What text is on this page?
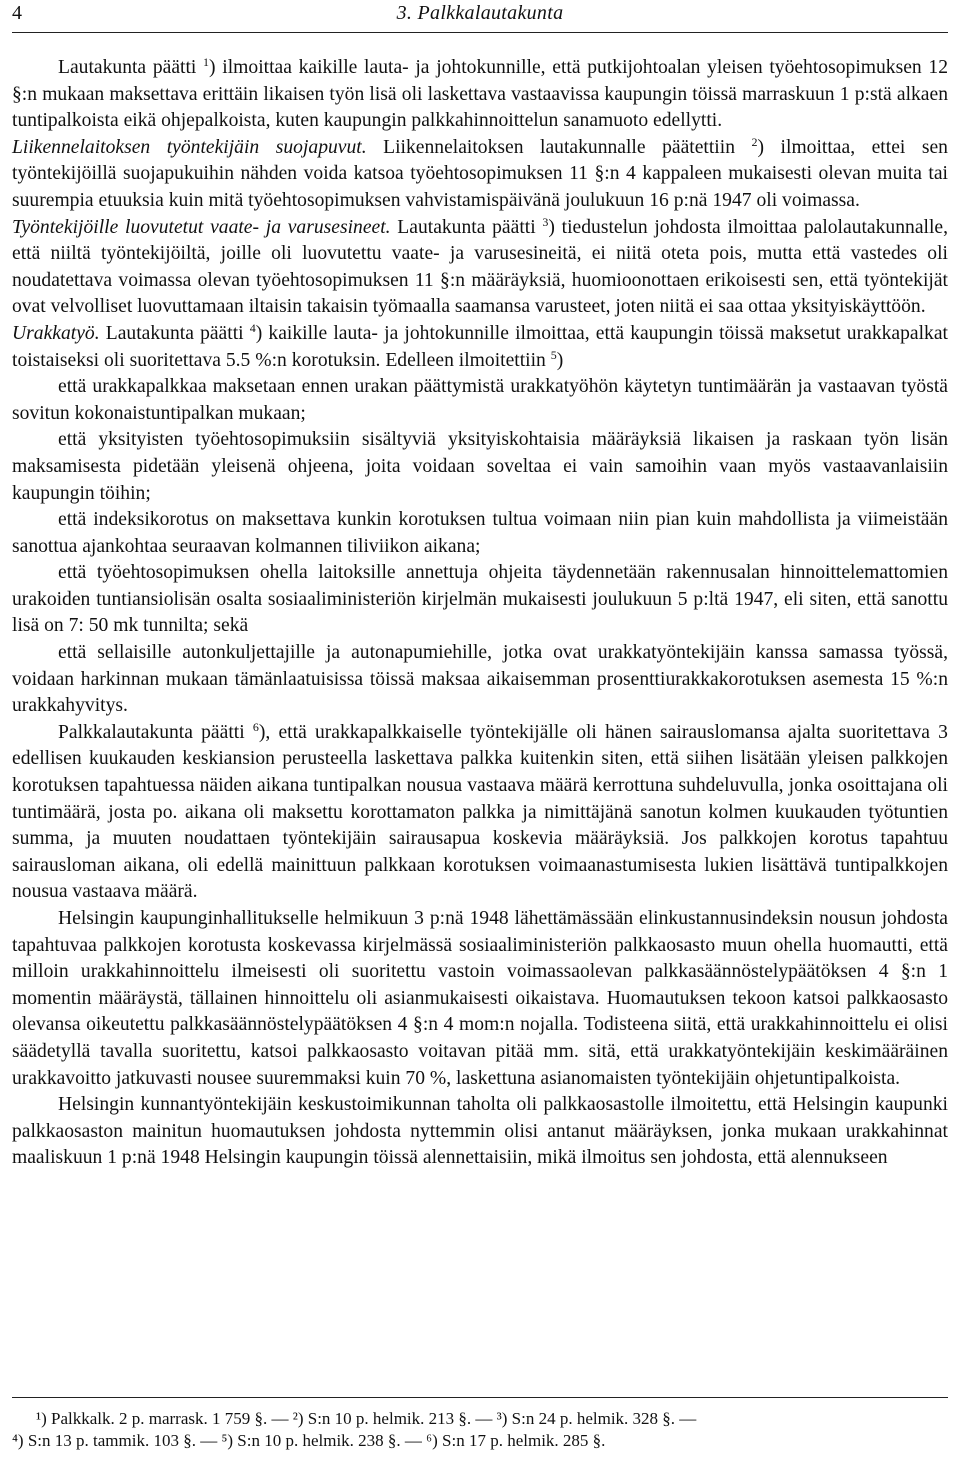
4	3. Palkkalautakunta

Lautakunta päätti $^1$) ilmoittaa kaikille lauta- ja johtokunnille, että putkijohtoalan yleisen työehtosopimuksen 12 §:n mukaan maksettava erittäin likaisen työn lisä oli laskettava vastaavissa kaupungin töissä marraskuun 1 p:stä alkaen tuntipalkoista eikä ohjepalkoista, kuten kaupungin palkkahinnoittelun sanamuoto edellytti.

Liikennelaitoksen työntekijäin suojapuvut. Liikennelaitoksen lautakunnalle päätettiin $^2$) ilmoittaa, ettei sen työntekijöillä suojapukuihin nähden voida katsoa työehtosopimuksen 11 §:n 4 kappaleen mukaisesti olevan muita tai suurempia etuuksia kuin mitä työehtosopimuksen vahvistamispäivänä joulukuun 16 p:nä 1947 oli voimassa.

Työntekijöille luovutetut vaate- ja varusesineet. Lautakunta päätti $^3$) tiedustelun johdosta ilmoittaa palolautakunnalle, että niiltä työntekijöiltä, joille oli luovutettu vaate- ja varusesineitä, ei niitä oteta pois, mutta että vastedes oli noudatettava voimassa olevan työehtosopimuksen 11 §:n määräyksiä, huomioonottaen erikoisesti sen, että työntekijät ovat velvolliset luovuttamaan iltaisin takaisin työmaalla saamansa varusteet, joten niitä ei saa ottaa yksityiskäyttöön.

Urakkatyö. Lautakunta päätti $^4$) kaikille lauta- ja johtokunnille ilmoittaa, että kaupungin töissä maksetut urakkapalkat toistaiseksi oli suoritettava 5.5 %:n korotuksin. Edelleen ilmoitettiin $^5$)

että urakkapalkkaa maksetaan ennen urakan päättymistä urakkatyöhön käytetyn tuntimäärän ja vastaavan työstä sovitun kokonaistuntipalkan mukaan;

että yksityisten työehtosopimuksiin sisältyviä yksityiskohtaisia määräyksiä likaisen ja raskaan työn lisän maksamisesta pidetään yleisenä ohjeena, joita voidaan soveltaa ei vain samoihin vaan myös vastaavanlaisiin kaupungin töihin;

että indeksikorotus on maksettava kunkin korotuksen tultua voimaan niin pian kuin mahdollista ja viimeistään sanottua ajankohtaa seuraavan kolmannen tiliviikon aikana;

että työehtosopimuksen ohella laitoksille annettuja ohjeita täydennetään rakennusalan hinnoittelemattomien urakoiden tuntiansiolisän osalta sosiaaliministeriön kirjelmän mukaisesti joulukuun 5 p:ltä 1947, eli siten, että sanottu lisä on 7: 50 mk tunnilta; sekä

että sellaisille autonkuljettajille ja autonapumiehille, jotka ovat urakkatyöntekijäin kanssa samassa työssä, voidaan harkinnan mukaan tämänlaatuisissa töissä maksaa aikaisemman prosenttiurakkakorotuksen asemesta 15 %:n urakkahyvitys.

Palkkalautakunta päätti $^6$), että urakkapalkkaiselle työntekijälle oli hänen sairauslomansa ajalta suoritettava 3 edellisen kuukauden keskiansion perusteella laskettava palkka kuitenkin siten, että siihen lisätään yleisen palkkojen korotuksen tapahtuessa näiden aikana tuntipalkan nousua vastaava määrä kerrottuna suhdeluvulla, jonka osoittajana oli tuntimäärä, josta po. aikana oli maksettu korottamaton palkka ja nimittäjänä sanotun kolmen kuukauden työtuntien summa, ja muuten noudattaen työntekijäin sairausapua koskevia määräyksiä. Jos palkkojen korotus tapahtuu sairausloman aikana, oli edellä mainittuun palkkaan korotuksen voimaanastumisesta lukien lisättävä tuntipalkkojen nousua vastaava määrä.

Helsingin kaupunginhallitukselle helmikuun 3 p:nä 1948 lähettämässään elinkustannusindeksin nousun johdosta tapahtuvaa palkkojen korotusta koskevassa kirjelmässä sosiaaliministeriön palkkaosasto muun ohella huomautti, että milloin urakkahinnoittelu ilmeisesti oli suoritettu vastoin voimassaolevan palkkasäännöstelypäätöksen 4 §:n 1 momentin määräystä, tällainen hinnoittelu oli asianmukaisesti oikaistava. Huomautuksen tekoon katsoi palkkaosasto olevansa oikeutettu palkkasäännöstelypäätöksen 4 §:n 4 mom:n nojalla. Todisteena siitä, että urakkahinnoittelu ei olisi säädetyllä tavalla suoritettu, katsoi palkkaosasto voitavan pitää mm. sitä, että urakkatyöntekijäin keskimääräinen urakkavoitto jatkuvasti nousee suuremmaksi kuin 70 %, laskettuna asianomaisten työntekijäin ohjetuntipalkoista.

Helsingin kunnantyöntekijäin keskustoimikunnan taholta oli palkkaosastolle ilmoitettu, että Helsingin kaupunki palkkaosaston mainitun huomautuksen johdosta nyttemmin olisi antanut määräyksen, jonka mukaan urakkahinnat maaliskuun 1 p:nä 1948 Helsingin kaupungin töissä alennettaisiin, mikä ilmoitus sen johdosta, että alennukseen

¹) Palkkalk. 2 p. marrask. 1 759 §. — ²) S:n 10 p. helmik. 213 §. — ³) S:n 24 p. helmik. 328 §. —
⁴) S:n 13 p. tammik. 103 §. — ⁵) S:n 10 p. helmik. 238 §. — ⁶) S:n 17 p. helmik. 285 §.
